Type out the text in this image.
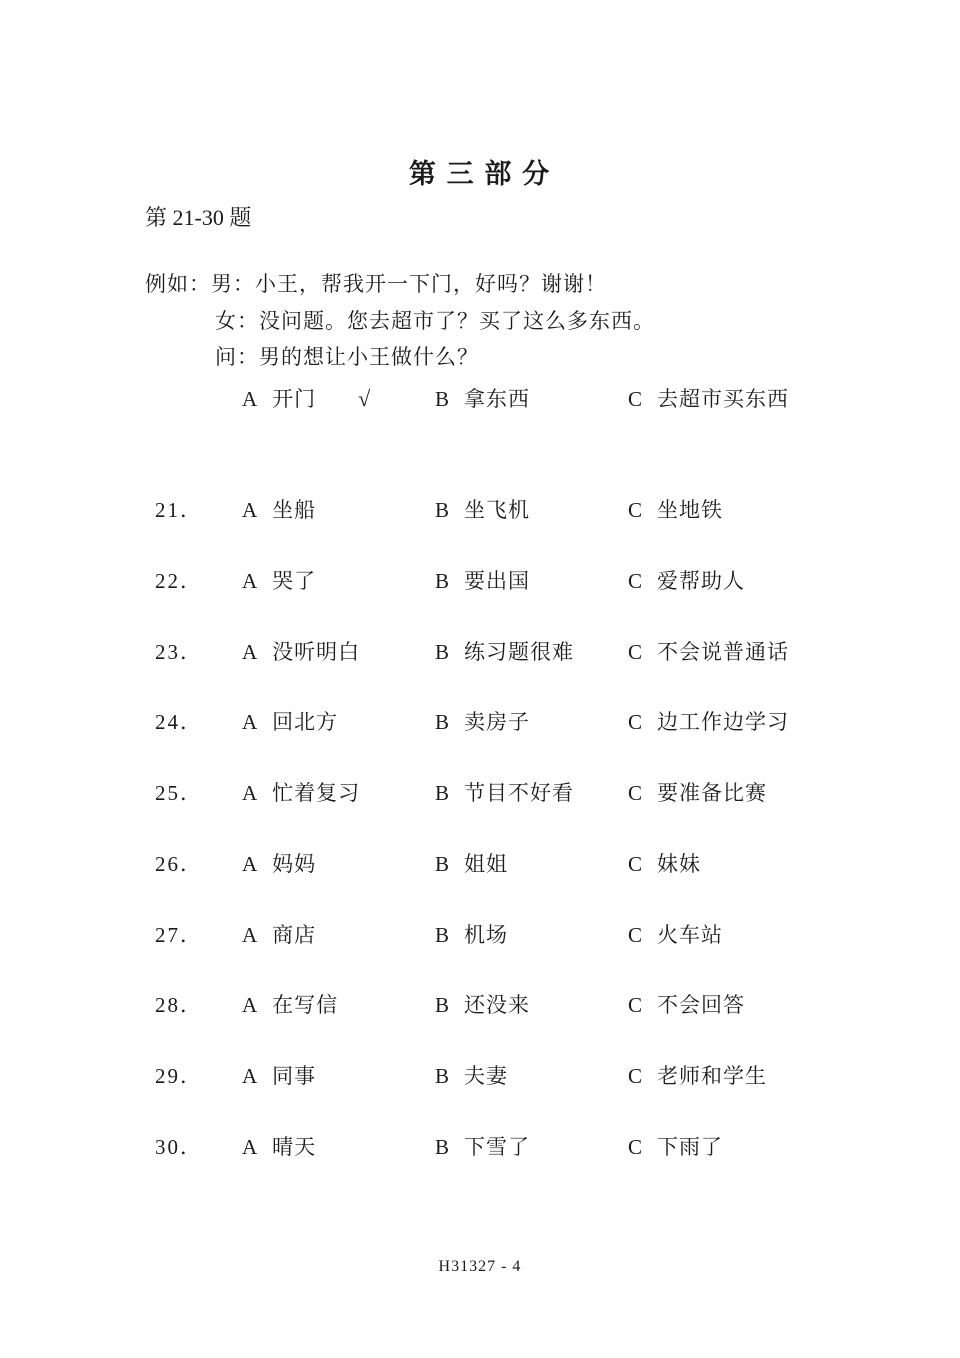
第 三 部 分
第 21-30 题
例如：男：小王，帮我开一下门，好吗？谢谢！
女：没问题。您去超市了？买了这么多东西。
问：男的想让小王做什么？
A 开门 √	B 拿东西	C 去超市买东西
21． A 坐船	B 坐飞机	C 坐地铁
22． A 哭了	B 要出国	C 爱帮助人
23． A 没听明白	B 练习题很难	C 不会说普通话
24． A 回北方	B 卖房子	C 边工作边学习
25． A 忙着复习	B 节目不好看	C 要准备比赛
26． A 妈妈	B 姐姐	C 妹妹
27． A 商店	B 机场	C 火车站
28． A 在写信	B 还没来	C 不会回答
29． A 同事	B 夫妻	C 老师和学生
30． A 晴天	B 下雪了	C 下雨了
H31327 - 4
